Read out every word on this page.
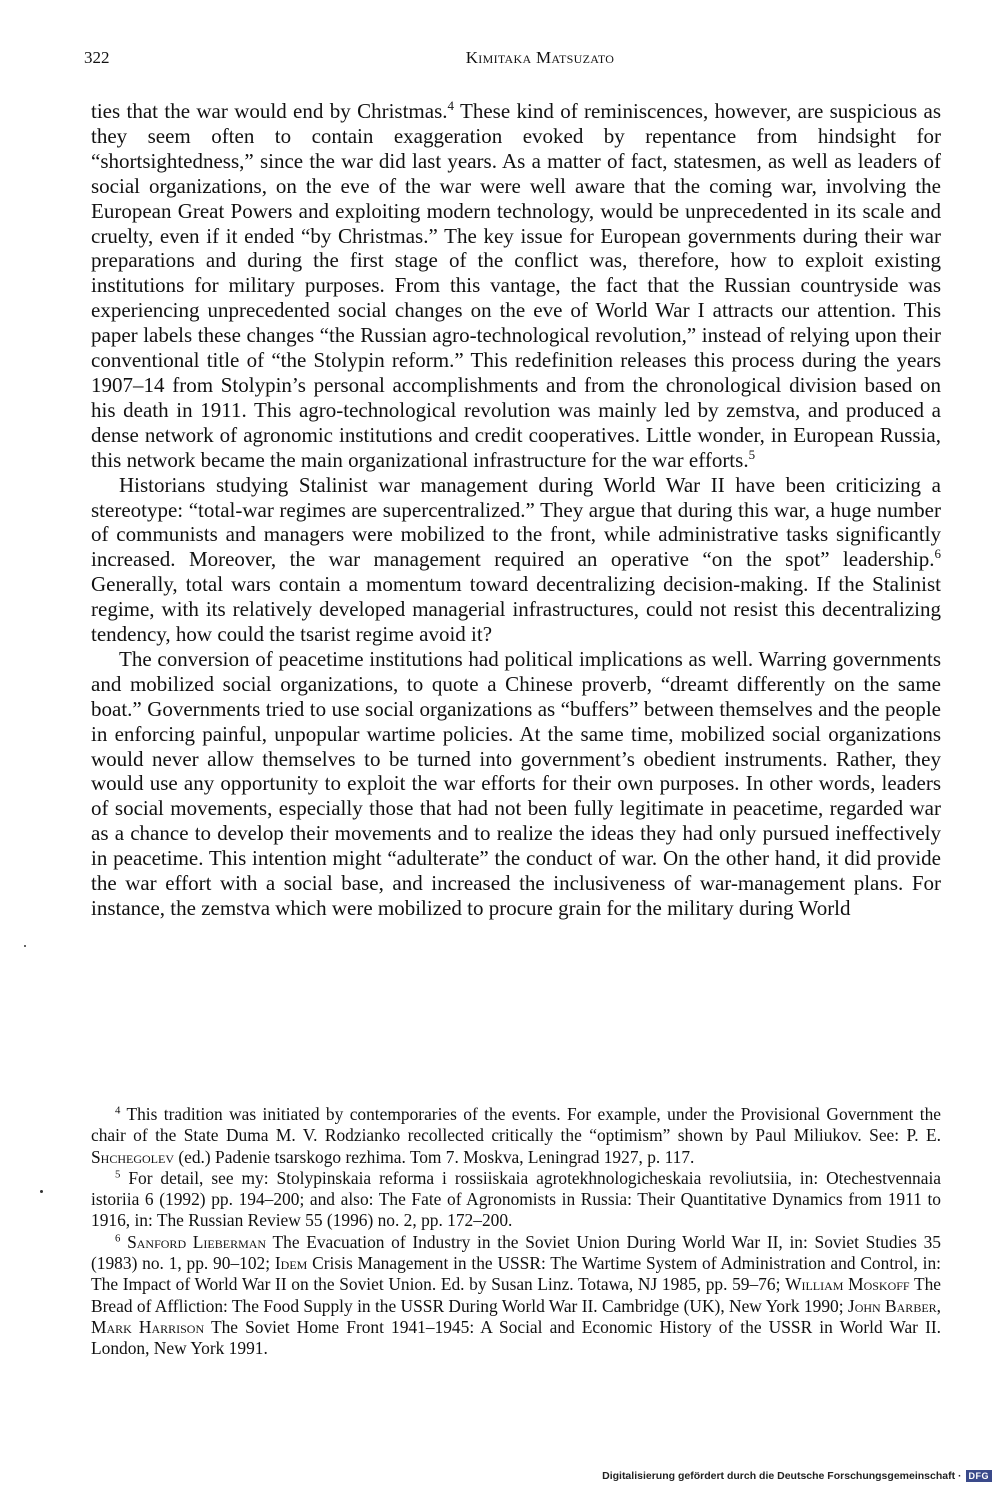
322	Kimitaka Matsuzato

ties that the war would end by Christmas.$^4$ These kind of reminiscences, however, are suspicious as they seem often to contain exaggeration evoked by repentance from hindsight for “shortsightedness,” since the war did last years. As a matter of fact, statesmen, as well as leaders of social organizations, on the eve of the war were well aware that the coming war, involving the European Great Powers and exploiting modern technology, would be unprecedented in its scale and cruelty, even if it ended “by Christmas.” The key issue for European governments during their war preparations and during the first stage of the conflict was, therefore, how to exploit existing institutions for military purposes. From this vantage, the fact that the Russian countryside was experiencing unprecedented social changes on the eve of World War I attracts our attention. This paper labels these changes “the Russian agro-technological revolution,” instead of relying upon their conventional title of “the Stolypin reform.” This redefinition releases this process during the years 1907–14 from Stolypin’s personal accomplishments and from the chronological division based on his death in 1911. This agro-technological revolution was mainly led by zemstva, and produced a dense network of agronomic institutions and credit cooperatives. Little wonder, in European Russia, this network became the main organizational infrastructure for the war efforts.$^5$

Historians studying Stalinist war management during World War II have been criticizing a stereotype: “total-war regimes are supercentralized.” They argue that during this war, a huge number of communists and managers were mobilized to the front, while administrative tasks significantly increased. Moreover, the war management required an operative “on the spot” leadership.$^6$ Generally, total wars contain a momentum toward decentralizing decision-making. If the Stalinist regime, with its relatively developed managerial infrastructures, could not resist this decentralizing tendency, how could the tsarist regime avoid it?

The conversion of peacetime institutions had political implications as well. Warring governments and mobilized social organizations, to quote a Chinese proverb, “dreamt differently on the same boat.” Governments tried to use social organizations as “buffers” between themselves and the people in enforcing painful, unpopular wartime policies. At the same time, mobilized social organizations would never allow themselves to be turned into government’s obedient instruments. Rather, they would use any opportunity to exploit the war efforts for their own purposes. In other words, leaders of social movements, especially those that had not been fully legitimate in peacetime, regarded war as a chance to develop their movements and to realize the ideas they had only pursued ineffectively in peacetime. This intention might “adulterate” the conduct of war. On the other hand, it did provide the war effort with a social base, and increased the inclusiveness of war-management plans. For instance, the zemstva which were mobilized to procure grain for the military during World

$^4$ This tradition was initiated by contemporaries of the events. For example, under the Provisional Government the chair of the State Duma M. V. Rodzianko recollected critically the “optimism” shown by Paul Miliukov. See: P. E. Shchegolev (ed.) Padenie tsarskogo rezhima. Tom 7. Moskva, Leningrad 1927, p. 117.

$^5$ For detail, see my: Stolypinskaia reforma i rossiiskaia agrotekhnologicheskaia revoliutsiia, in: Otechestvennaia istoriia 6 (1992) pp. 194–200; and also: The Fate of Agronomists in Russia: Their Quantitative Dynamics from 1911 to 1916, in: The Russian Review 55 (1996) no. 2, pp. 172–200.

$^6$ Sanford Lieberman The Evacuation of Industry in the Soviet Union During World War II, in: Soviet Studies 35 (1983) no. 1, pp. 90–102; Idem Crisis Management in the USSR: The Wartime System of Administration and Control, in: The Impact of World War II on the Soviet Union. Ed. by Susan Linz. Totawa, NJ 1985, pp. 59–76; William Moskoff The Bread of Affliction: The Food Supply in the USSR During World War II. Cambridge (UK), New York 1990; John Barber, Mark Harrison The Soviet Home Front 1941–1945: A Social and Economic History of the USSR in World War II. London, New York 1991.

Digitalisierung gefördert durch die Deutsche Forschungsgemeinschaft · DFG
